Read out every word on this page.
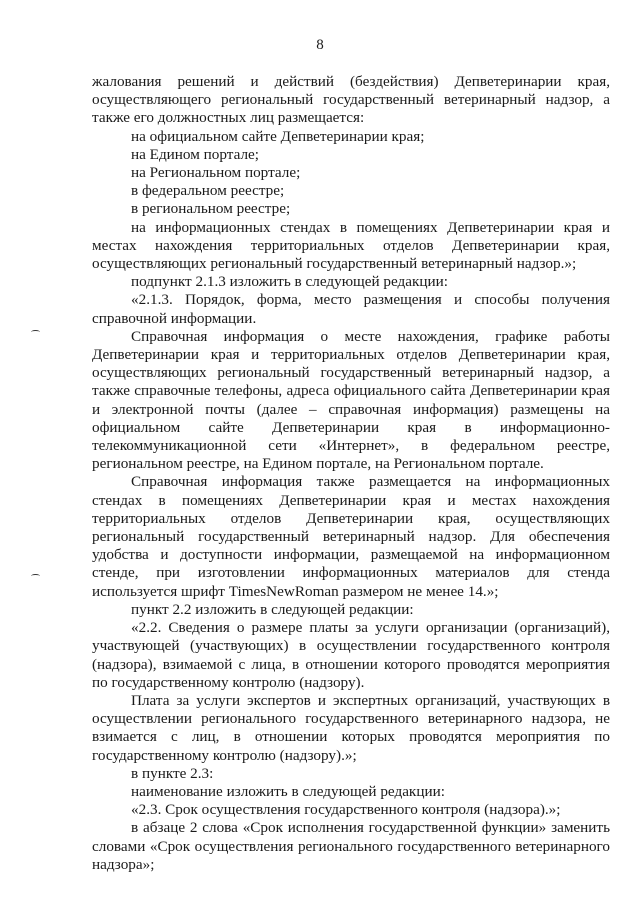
8

жалования решений и действий (бездействия) Депветеринарии края, осуществляющего региональный государственный ветеринарный надзор, а также его должностных лиц размещается:

на официальном сайте Депветеринарии края;

на Едином портале;

на Региональном портале;

в федеральном реестре;

в региональном реестре;

на информационных стендах в помещениях Депветеринарии края и местах нахождения территориальных отделов Депветеринарии края, осуществляющих региональный государственный ветеринарный надзор.»;

подпункт 2.1.3 изложить в следующей редакции:

«2.1.3. Порядок, форма, место размещения и способы получения справочной информации.

Справочная информация о месте нахождения, графике работы Депветеринарии края и территориальных отделов Депветеринарии края, осуществляющих региональный государственный ветеринарный надзор, а также справочные телефоны, адреса официального сайта Депветеринарии края и электронной почты (далее – справочная информация) размещены на официальном сайте Депветеринарии края в информационно-телекоммуникационной сети «Интернет», в федеральном реестре, региональном реестре, на Едином портале, на Региональном портале.

Справочная информация также размещается на информационных стендах в помещениях Депветеринарии края и местах нахождения территориальных отделов Депветеринарии края, осуществляющих региональный государственный ветеринарный надзор. Для обеспечения удобства и доступности информации, размещаемой на информационном стенде, при изготовлении информационных материалов для стенда используется шрифт TimesNewRoman размером не менее 14.»;

пункт 2.2 изложить в следующей редакции:

«2.2. Сведения о размере платы за услуги организации (организаций), участвующей (участвующих) в осуществлении государственного контроля (надзора), взимаемой с лица, в отношении которого проводятся мероприятия по государственному контролю (надзору).

Плата за услуги экспертов и экспертных организаций, участвующих в осуществлении регионального государственного ветеринарного надзора, не взимается с лиц, в отношении которых проводятся мероприятия по государственному контролю (надзору).»;

в пункте 2.3:

наименование изложить в следующей редакции:

«2.3. Срок осуществления государственного контроля (надзора).»;

в абзаце 2 слова «Срок исполнения государственной функции» заменить словами «Срок осуществления регионального государственного ветеринарного надзора»;
